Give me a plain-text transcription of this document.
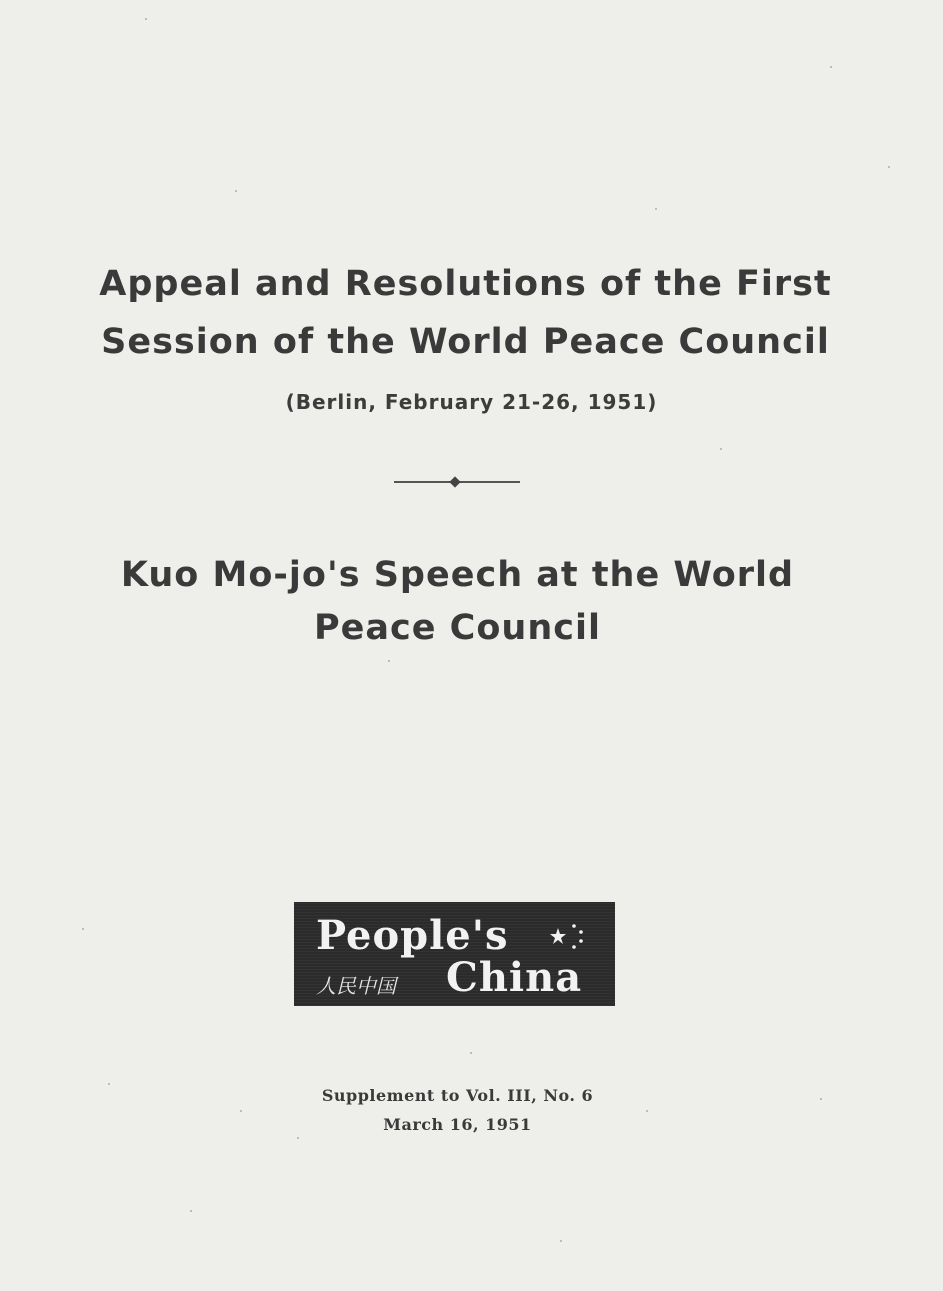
Appeal and Resolutions of the First
Session of the World Peace Council
(Berlin, February 21-26, 1951)
Kuo Mo-jo's Speech at the World
Peace Council
People's
人民中国 China
Supplement to Vol. III, No. 6
March 16, 1951
